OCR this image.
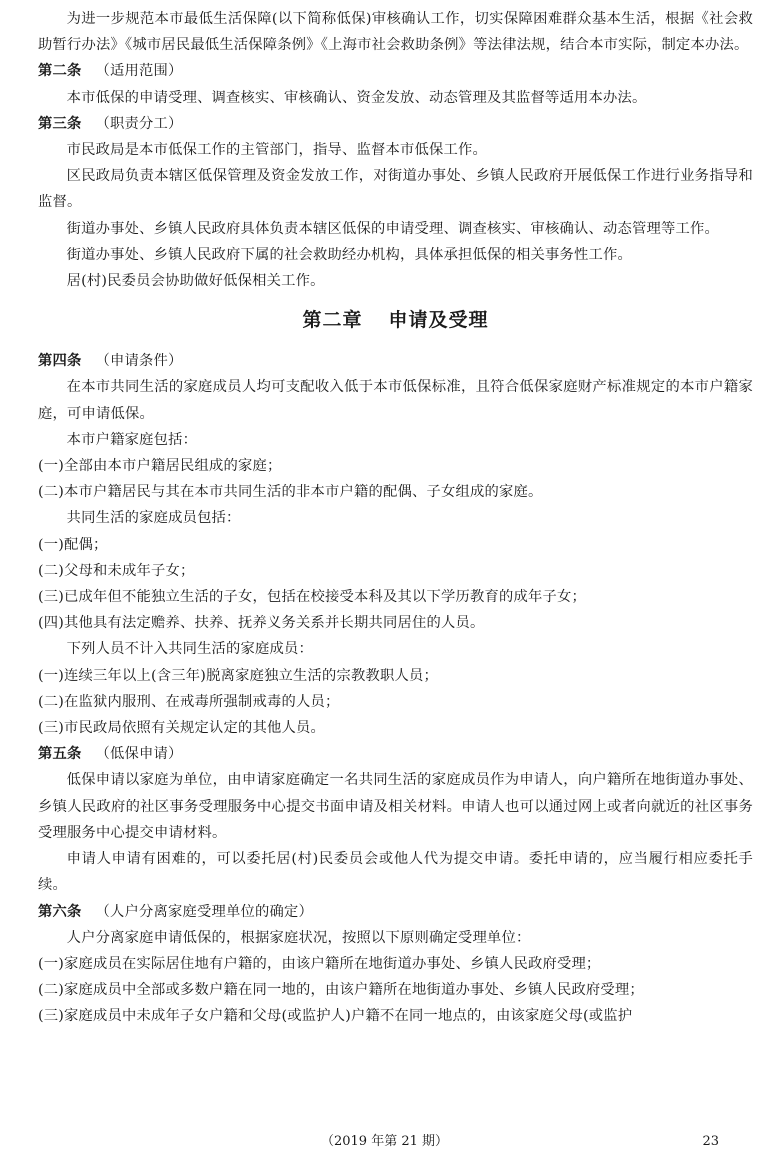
为进一步规范本市最低生活保障(以下简称低保)审核确认工作，切实保障困难群众基本生活，根据《社会救助暂行办法》《城市居民最低生活保障条例》《上海市社会救助条例》等法律法规，结合本市实际，制定本办法。

第二条 （适用范围）

本市低保的申请受理、调查核实、审核确认、资金发放、动态管理及其监督等适用本办法。

第三条 （职责分工）

市民政局是本市低保工作的主管部门，指导、监督本市低保工作。

区民政局负责本辖区低保管理及资金发放工作，对街道办事处、乡镇人民政府开展低保工作进行业务指导和监督。

街道办事处、乡镇人民政府具体负责本辖区低保的申请受理、调查核实、审核确认、动态管理等工作。

街道办事处、乡镇人民政府下属的社会救助经办机构，具体承担低保的相关事务性工作。

居(村)民委员会协助做好低保相关工作。

第二章 申请及受理

第四条 （申请条件）

在本市共同生活的家庭成员人均可支配收入低于本市低保标准，且符合低保家庭财产标准规定的本市户籍家庭，可申请低保。

本市户籍家庭包括：

(一)全部由本市户籍居民组成的家庭；

(二)本市户籍居民与其在本市共同生活的非本市户籍的配偶、子女组成的家庭。

共同生活的家庭成员包括：

(一)配偶；

(二)父母和未成年子女；

(三)已成年但不能独立生活的子女，包括在校接受本科及其以下学历教育的成年子女；

(四)其他具有法定赡养、扶养、抚养义务关系并长期共同居住的人员。

下列人员不计入共同生活的家庭成员：

(一)连续三年以上(含三年)脱离家庭独立生活的宗教教职人员；

(二)在监狱内服刑、在戒毒所强制戒毒的人员；

(三)市民政局依照有关规定认定的其他人员。

第五条 （低保申请）

低保申请以家庭为单位，由申请家庭确定一名共同生活的家庭成员作为申请人，向户籍所在地街道办事处、乡镇人民政府的社区事务受理服务中心提交书面申请及相关材料。申请人也可以通过网上或者向就近的社区事务受理服务中心提交申请材料。

申请人申请有困难的，可以委托居(村)民委员会或他人代为提交申请。委托申请的，应当履行相应委托手续。

第六条 （人户分离家庭受理单位的确定）

人户分离家庭申请低保的，根据家庭状况，按照以下原则确定受理单位：

(一)家庭成员在实际居住地有户籍的，由该户籍所在地街道办事处、乡镇人民政府受理；

(二)家庭成员中全部或多数户籍在同一地的，由该户籍所在地街道办事处、乡镇人民政府受理；

(三)家庭成员中未成年子女户籍和父母(或监护人)户籍不在同一地点的，由该家庭父母(或监护

（2019 年第 21 期）	23
